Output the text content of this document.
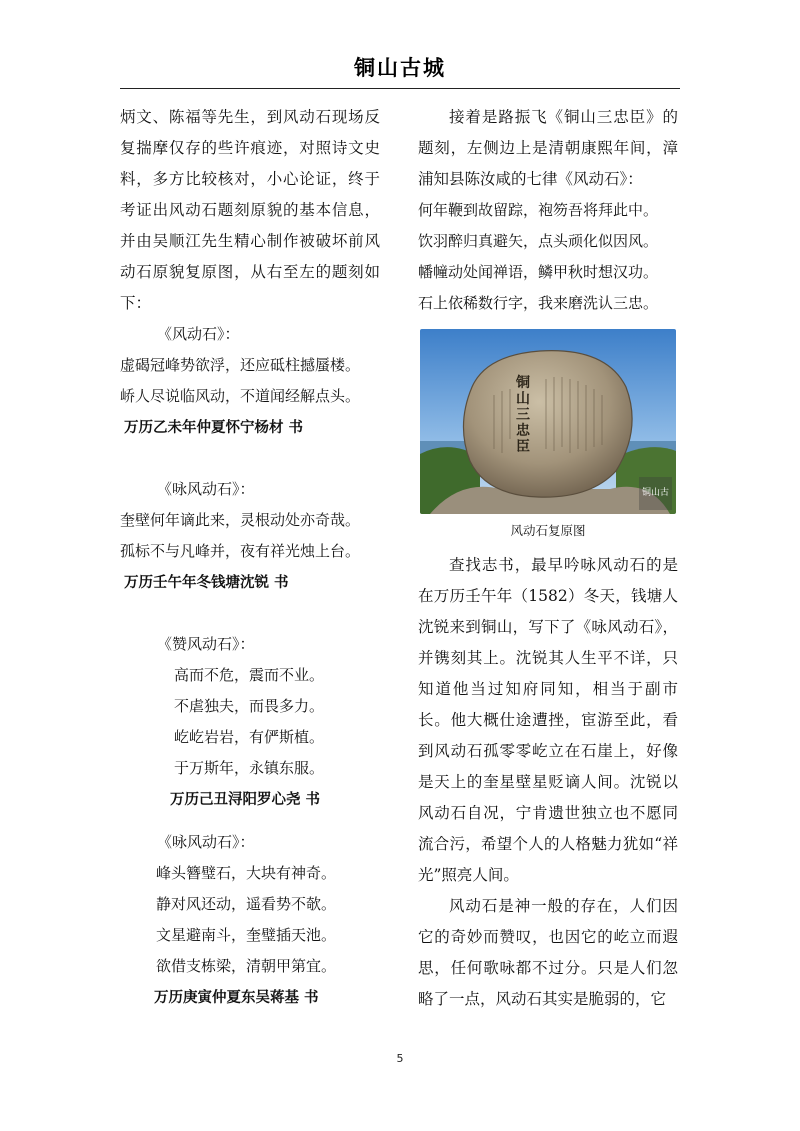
铜山古城

炳文、陈福等先生，到风动石现场反复揣摩仅存的些许痕迹，对照诗文史料，多方比较核对，小心论证，终于考证出风动石题刻原貌的基本信息，并由吴顺江先生精心制作被破坏前风动石原貌复原图，从右至左的题刻如下：

《风动石》：

虚碣冠峰势欲浮，还应砥柱撼蜃楼。

峤人尽说临风动，不道闻经解点头。

万历乙未年仲夏怀宁杨材 书

《咏风动石》：

奎壁何年谪此来，灵根动处亦奇哉。

孤标不与凡峰并，夜有祥光烛上台。

万历壬午年冬钱塘沈锐 书

《赞风动石》：

高而不危，震而不业。

不虐独夫，而畏多力。

屹屹岩岩，有俨斯植。

于万斯年，永镇东服。

万历己丑浔阳罗心尧 书

《咏风动石》：

峰头簪璧石，大块有神奇。

静对风还动，遥看势不欹。

文星避南斗，奎璧插天池。

欲借支栋梁，清朝甲第宜。

万历庚寅仲夏东吴蒋基 书

接着是路振飞《铜山三忠臣》的题刻，左侧边上是清朝康熙年间，漳浦知县陈汝咸的七律《风动石》：

何年鞭到故留踪，袍笏吾将拜此中。

饮羽醉归真避矢，点头顽化似因风。

幡幢动处闻禅语，鳞甲秋时想汉功。

石上依稀数行字，我来磨洗认三忠。

铜山三忠臣
铜山古

风动石复原图

查找志书，最早吟咏风动石的是在万历壬午年（1582）冬天，钱塘人沈锐来到铜山，写下了《咏风动石》，并镌刻其上。沈锐其人生平不详，只知道他当过知府同知，相当于副市长。他大概仕途遭挫，宦游至此，看到风动石孤零零屹立在石崖上，好像是天上的奎星壁星贬谪人间。沈锐以风动石自况，宁肯遗世独立也不愿同流合污，希望个人的人格魅力犹如“祥光”照亮人间。

风动石是神一般的存在，人们因它的奇妙而赞叹，也因它的屹立而遐思，任何歌咏都不过分。只是人们忽略了一点，风动石其实是脆弱的，它

5
